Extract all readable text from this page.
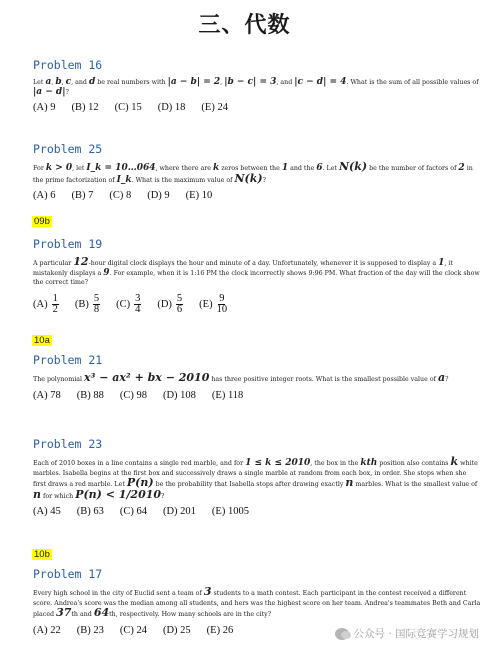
三、代数
Problem 16
Let a, b, c, and d be real numbers with |a − b| = 2, |b − c| = 3, and |c − d| = 4. What is the sum of all possible values of |a − d|?
(A) 9 (B) 12 (C) 15 (D) 18 (E) 24
Problem 25
For k > 0, let I_k = 10…064, where there are k zeros between the 1 and the 6. Let N(k) be the number of factors of 2 in the prime factorization of I_k. What is the maximum value of N(k)?
(A) 6 (B) 7 (C) 8 (D) 9 (E) 10
09b
Problem 19
A particular 12-hour digital clock displays the hour and minute of a day. Unfortunately, whenever it is supposed to display a 1, it mistakenly displays a 9. For example, when it is 1:16 PM the clock incorrectly shows 9:96 PM. What fraction of the day will the clock show the correct time?
$(A) \frac{1}{2} (B) \frac{5}{8} (C) \frac{3}{4} (D) \frac{5}{6} (E) \frac{9}{10}$
10a
Problem 21
The polynomial x³ − ax² + bx − 2010 has three positive integer roots. What is the smallest possible value of a?
(A) 78 (B) 88 (C) 98 (D) 108 (E) 118
Problem 23
Each of 2010 boxes in a line contains a single red marble, and for 1 ≤ k ≤ 2010, the box in the kth position also contains k white marbles. Isabella begins at the first box and successively draws a single marble at random from each box, in order. She stops when she first draws a red marble. Let P(n) be the probability that Isabella stops after drawing exactly n marbles. What is the smallest value of n for which P(n) < 1/2010?
(A) 45 (B) 63 (C) 64 (D) 201 (E) 1005
10b
Problem 17
Every high school in the city of Euclid sent a team of 3 students to a math contest. Each participant in the contest received a different score. Andrea's score was the median among all students, and hers was the highest score on her team. Andrea's teammates Beth and Carla placed 37th and 64th, respectively. How many schools are in the city?
(A) 22 (B) 23 (C) 24 (D) 25 (E) 26	公众号 · 国际竞赛学习规划
